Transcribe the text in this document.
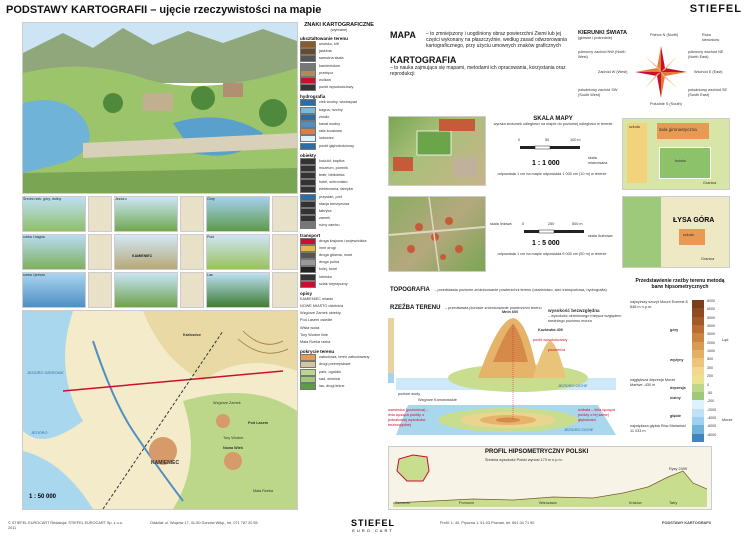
PODSTAWY KARTOGRAFII – ujęcie rzeczywistości na mapie	STIEFEL
Średni rzek, góry, doliny	Jezioro	Góry
rzeka i bagna
KAMIENIEC
Pole
rzeka i jezioro	Las
1 : 50 000
Karłowice
KAMIENIEC
Nowa Wieś
Pod Lasem
Wzgórze Zamek
Tory Wodne
Mała Rzeka
JEZIORO
JEZIORO SZEROKIE
ZNAKI KARTOGRAFICZNE
(wybrane)
ukształtowanie terenu
urwisko, klif
jaskinia
samotna skała
kamieniołom
przełęcz
wulkan
punkt wysokościowy
hydrografia
ciek wodny, wodospad
bagna, trzciny
źródło
kanał wodny
rafa koralowa
lodowiec
punkt głębokościowy
obiekty
kościół, kaplica
muzeum, pomnik
teatr, biblioteka
hotel, schronisko
elektrownia, fabryka
przystań, port
stacja benzynowa
fabryka
zamek
ruiny zamku
transport
droga krajowa i wojewódzka
inne drogi
droga główna, most
droga polna
kolej, tunel
lotnisko
szlak turystyczny
opisy
KAMIENIEC miasto
NOWE MIASTO dzielnica
Wzgórze Zamek obiekty
Pod Lasem osiedle
Wisła woda
Tory Wodne linie
Mała Rzeka rzeka
pokrycie terenu
zabudowa, teren zabudowany
drogi przemysłowe
park, ogródki
sad, winnica
las, drogi leśne
MAPA	– to zmniejszony i uogólniony obraz powierzchni Ziemi lub jej części wykonany na płaszczyźnie, według zasad odwzorowania kartograficznego, przy użyciu umownych znaków graficznych
KARTOGRAFIA
– to nauka zajmująca się mapami, metodami ich opracowania, korzystania oraz reprodukcji
KIERUNKI ŚWIATA
(główne i pośrednie)
Północ N (North)	Róża kierunków
północny zachód NW (North West)
północny wschód NE (North East)
Zachód W (West)	Wschód E (East)
południowy zachód SW (South West)
południowy wschód SE (South East)
Południe S (South)
SKALA MAPY
wyraża stosunek odległości na mapie do poziomej odległości w terenie
0	50	100 m
skala mianowana
1 : 1 000
odpowiada 1 cm na mapie odpowiada 1 000 cm (10 m) w terenie
skala liniowa	0	250	500 m
skala liczbowa
1 : 5 000
odpowiada 1 cm na mapie odpowiada 5 000 cm (50 m) w terenie
szkoła	sala gimnastyczna
boisko
Granica
ŁYSA GÓRA
szkoła
Granica
TOPOGRAFIA – przedstawia poziome zróżnicowanie powierzchni terenu (osadnictwo, sieć transportowa, hydrografia)
RZEŹBA TERENU – przedstawia pionowe zróżnicowanie powierzchni terenu
Mnin 600
Kozlówka 400
punkt wysokościowy
poziomica
poziom wody
JEZIORO CICHE
Wzgórze Komorowskie
warstwica (poziomica) – linia łącząca punkty o jednakowej wysokości bezwzględnej
izobata – linia łącząca punkty o tej samej głębokości
JEZIORO CICHE
wysokość bezwzględna
– wysokość określonego miejsca względem średniego poziomu morza
PROFIL HIPSOMETRYCZNY POLSKI
Średnia wysokość Polski wynosi 173 m n.p.m.
Szczecin	Pomorze	Warszawa	Kraków	Tatry
Rysy 2499
Przedstawienie rzeźby terenu metodą barw hipsometrycznych
8000
6000
5000
4000
3000
2000
1000
500
300
200
0
-50
-200
-2000
-4000
-6000
-8000
najwyższy szczyt Mount Everest 8 848 m n.p.m.
najgłębsza depresja Morze Martwe -430 m
największa głębia Rów Mariański 11 033 m
góry
wyżyny
depresja
niziny
głębie
Ląd
Morze
© STIEFEL EUROCART Redakcja: STIEFEL EUROCART Sp. z o.o. 2011
Oddział: ul. Wiązów 17, 41-50 Gorzów Wlkp., tel. 071 787 20 55	STIEFEL
EURO CART
Profil: 1; 40, Pryszna 1, 61-03 Poznań, tel. 661 04 71 90	PODSTAWY KARTOGRAFII
